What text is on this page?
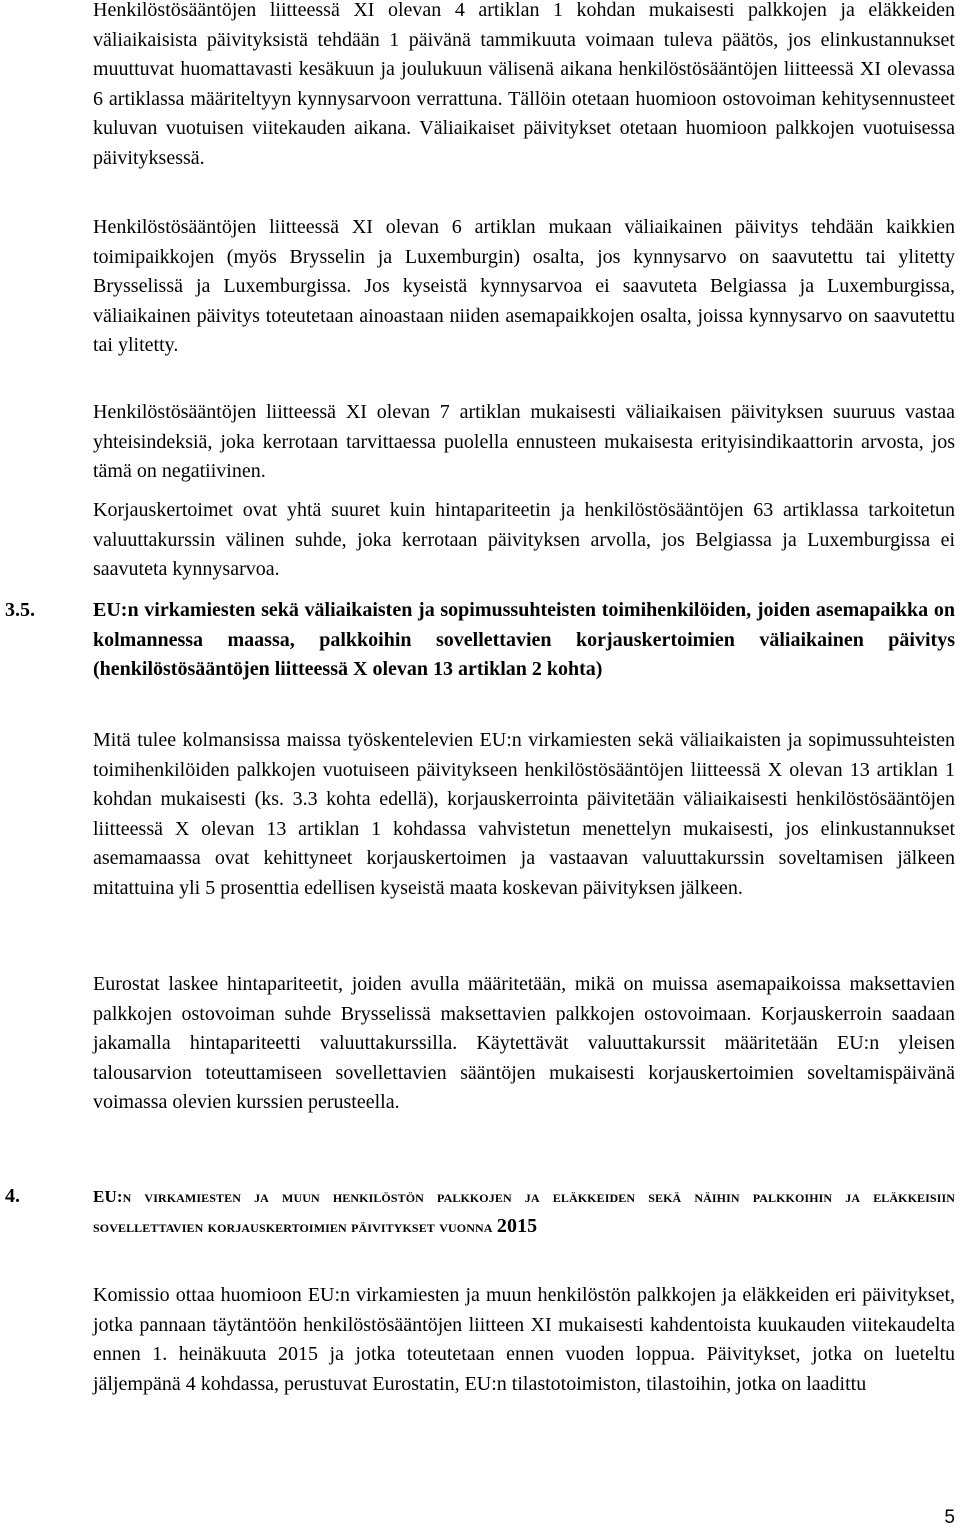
Henkilöstösääntöjen liitteessä XI olevan 4 artiklan 1 kohdan mukaisesti palkkojen ja eläkkeiden väliaikaisista päivityksistä tehdään 1 päivänä tammikuuta voimaan tuleva päätös, jos elinkustannukset muuttuvat huomattavasti kesäkuun ja joulukuun välisenä aikana henkilöstösääntöjen liitteessä XI olevassa 6 artiklassa määriteltyyn kynnysarvoon verrattuna. Tällöin otetaan huomioon ostovoiman kehitysennusteet kuluvan vuotuisen viitekauden aikana. Väliaikaiset päivitykset otetaan huomioon palkkojen vuotuisessa päivityksessä.

Henkilöstösääntöjen liitteessä XI olevan 6 artiklan mukaan väliaikainen päivitys tehdään kaikkien toimipaikkojen (myös Brysselin ja Luxemburgin) osalta, jos kynnysarvo on saavutettu tai ylitetty Brysselissä ja Luxemburgissa. Jos kyseistä kynnysarvoa ei saavuteta Belgiassa ja Luxemburgissa, väliaikainen päivitys toteutetaan ainoastaan niiden asemapaikkojen osalta, joissa kynnysarvo on saavutettu tai ylitetty.

Henkilöstösääntöjen liitteessä XI olevan 7 artiklan mukaisesti väliaikaisen päivityksen suuruus vastaa yhteisindeksiä, joka kerrotaan tarvittaessa puolella ennusteen mukaisesta erityisindikaattorin arvosta, jos tämä on negatiivinen.

Korjauskertoimet ovat yhtä suuret kuin hintapariteetin ja henkilöstösääntöjen 63 artiklassa tarkoitetun valuuttakurssin välinen suhde, joka kerrotaan päivityksen arvolla, jos Belgiassa ja Luxemburgissa ei saavuteta kynnysarvoa.

3.5.	EU:n virkamiesten sekä väliaikaisten ja sopimussuhteisten toimihenkilöiden, joiden asemapaikka on kolmannessa maassa, palkkoihin sovellettavien korjauskertoimien väliaikainen päivitys (henkilöstösääntöjen liitteessä X olevan 13 artiklan 2 kohta)

Mitä tulee kolmansissa maissa työskentelevien EU:n virkamiesten sekä väliaikaisten ja sopimussuhteisten toimihenkilöiden palkkojen vuotuiseen päivitykseen henkilöstösääntöjen liitteessä X olevan 13 artiklan 1 kohdan mukaisesti (ks. 3.3 kohta edellä), korjauskerrointa päivitetään väliaikaisesti henkilöstösääntöjen liitteessä X olevan 13 artiklan 1 kohdassa vahvistetun menettelyn mukaisesti, jos elinkustannukset asemamaassa ovat kehittyneet korjauskertoimen ja vastaavan valuuttakurssin soveltamisen jälkeen mitattuina yli 5 prosenttia edellisen kyseistä maata koskevan päivityksen jälkeen.

Eurostat laskee hintapariteetit, joiden avulla määritetään, mikä on muissa asemapaikoissa maksettavien palkkojen ostovoiman suhde Brysselissä maksettavien palkkojen ostovoimaan. Korjauskerroin saadaan jakamalla hintapariteetti valuuttakurssilla. Käytettävät valuuttakurssit määritetään EU:n yleisen talousarvion toteuttamiseen sovellettavien sääntöjen mukaisesti korjauskertoimien soveltamispäivänä voimassa olevien kurssien perusteella.

4.	EU:n virkamiesten ja muun henkilöstön palkkojen ja eläkkeiden sekä näihin palkkoihin ja eläkkeisiin sovellettavien korjauskertoimien päivitykset vuonna 2015

Komissio ottaa huomioon EU:n virkamiesten ja muun henkilöstön palkkojen ja eläkkeiden eri päivitykset, jotka pannaan täytäntöön henkilöstösääntöjen liitteen XI mukaisesti kahdentoista kuukauden viitekaudelta ennen 1. heinäkuuta 2015 ja jotka toteutetaan ennen vuoden loppua. Päivitykset, jotka on lueteltu jäljempänä 4 kohdassa, perustuvat Eurostatin, EU:n tilastotoimiston, tilastoihin, jotka on laadittu

5
